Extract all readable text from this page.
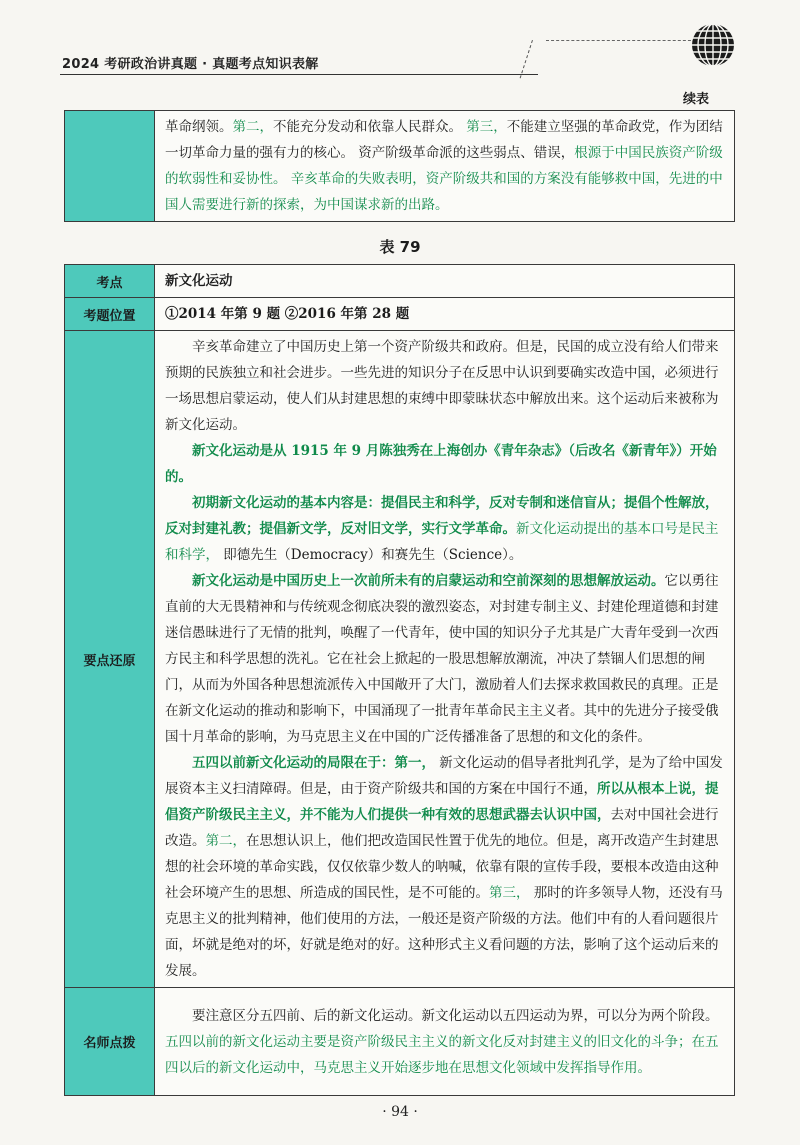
2024 考研政治讲真题 · 真题考点知识表解
续表
	革命纲领。第二，不能充分发动和依靠人民群众。 第三，不能建立坚强的革命政党，作为团结一切革命力量的强有力的核心。 资产阶级革命派的这些弱点、错误，根源于中国民族资产阶级的软弱性和妥协性。 辛亥革命的失败表明，资产阶级共和国的方案没有能够救中国，先进的中国人需要进行新的探索，为中国谋求新的出路。
表 79
考点	新文化运动
考题位置	①2014 年第 9 题 ②2016 年第 28 题
要点还原	辛亥革命建立了中国历史上第一个资产阶级共和政府。但是，民国的成立没有给人们带来预期的民族独立和社会进步。一些先进的知识分子在反思中认识到要确实改造中国，必须进行一场思想启蒙运动，使人们从封建思想的束缚中即蒙昧状态中解放出来。这个运动后来被称为新文化运动。
新文化运动是从 1915 年 9 月陈独秀在上海创办《青年杂志》（后改名《新青年》）开始的。
初期新文化运动的基本内容是：提倡民主和科学，反对专制和迷信盲从；提倡个性解放，反对封建礼教；提倡新文学，反对旧文学，实行文学革命。新文化运动提出的基本口号是民主和科学， 即德先生（Democracy）和赛先生（Science）。
新文化运动是中国历史上一次前所未有的启蒙运动和空前深刻的思想解放运动。它以勇往直前的大无畏精神和与传统观念彻底决裂的激烈姿态，对封建专制主义、封建伦理道德和封建迷信愚昧进行了无情的批判，唤醒了一代青年，使中国的知识分子尤其是广大青年受到一次西方民主和科学思想的洗礼。它在社会上掀起的一股思想解放潮流，冲决了禁锢人们思想的闸门，从而为外国各种思想流派传入中国敞开了大门，激励着人们去探求救国救民的真理。正是在新文化运动的推动和影响下，中国涌现了一批青年革命民主主义者。其中的先进分子接受俄国十月革命的影响，为马克思主义在中国的广泛传播准备了思想的和文化的条件。
五四以前新文化运动的局限在于：第一， 新文化运动的倡导者批判孔学，是为了给中国发展资本主义扫清障碍。但是，由于资产阶级共和国的方案在中国行不通，所以从根本上说，提倡资产阶级民主主义，并不能为人们提供一种有效的思想武器去认识中国，去对中国社会进行改造。第二，在思想认识上，他们把改造国民性置于优先的地位。但是，离开改造产生封建思想的社会环境的革命实践，仅仅依靠少数人的呐喊，依靠有限的宣传手段，要根本改造由这种社会环境产生的思想、所造成的国民性，是不可能的。第三， 那时的许多领导人物，还没有马克思主义的批判精神，他们使用的方法，一般还是资产阶级的方法。他们中有的人看问题很片面，坏就是绝对的坏，好就是绝对的好。这种形式主义看问题的方法，影响了这个运动后来的发展。

名师点拨	要注意区分五四前、后的新文化运动。新文化运动以五四运动为界，可以分为两个阶段。五四以前的新文化运动主要是资产阶级民主主义的新文化反对封建主义的旧文化的斗争；在五四以后的新文化运动中，马克思主义开始逐步地在思想文化领域中发挥指导作用。
· 94 ·
